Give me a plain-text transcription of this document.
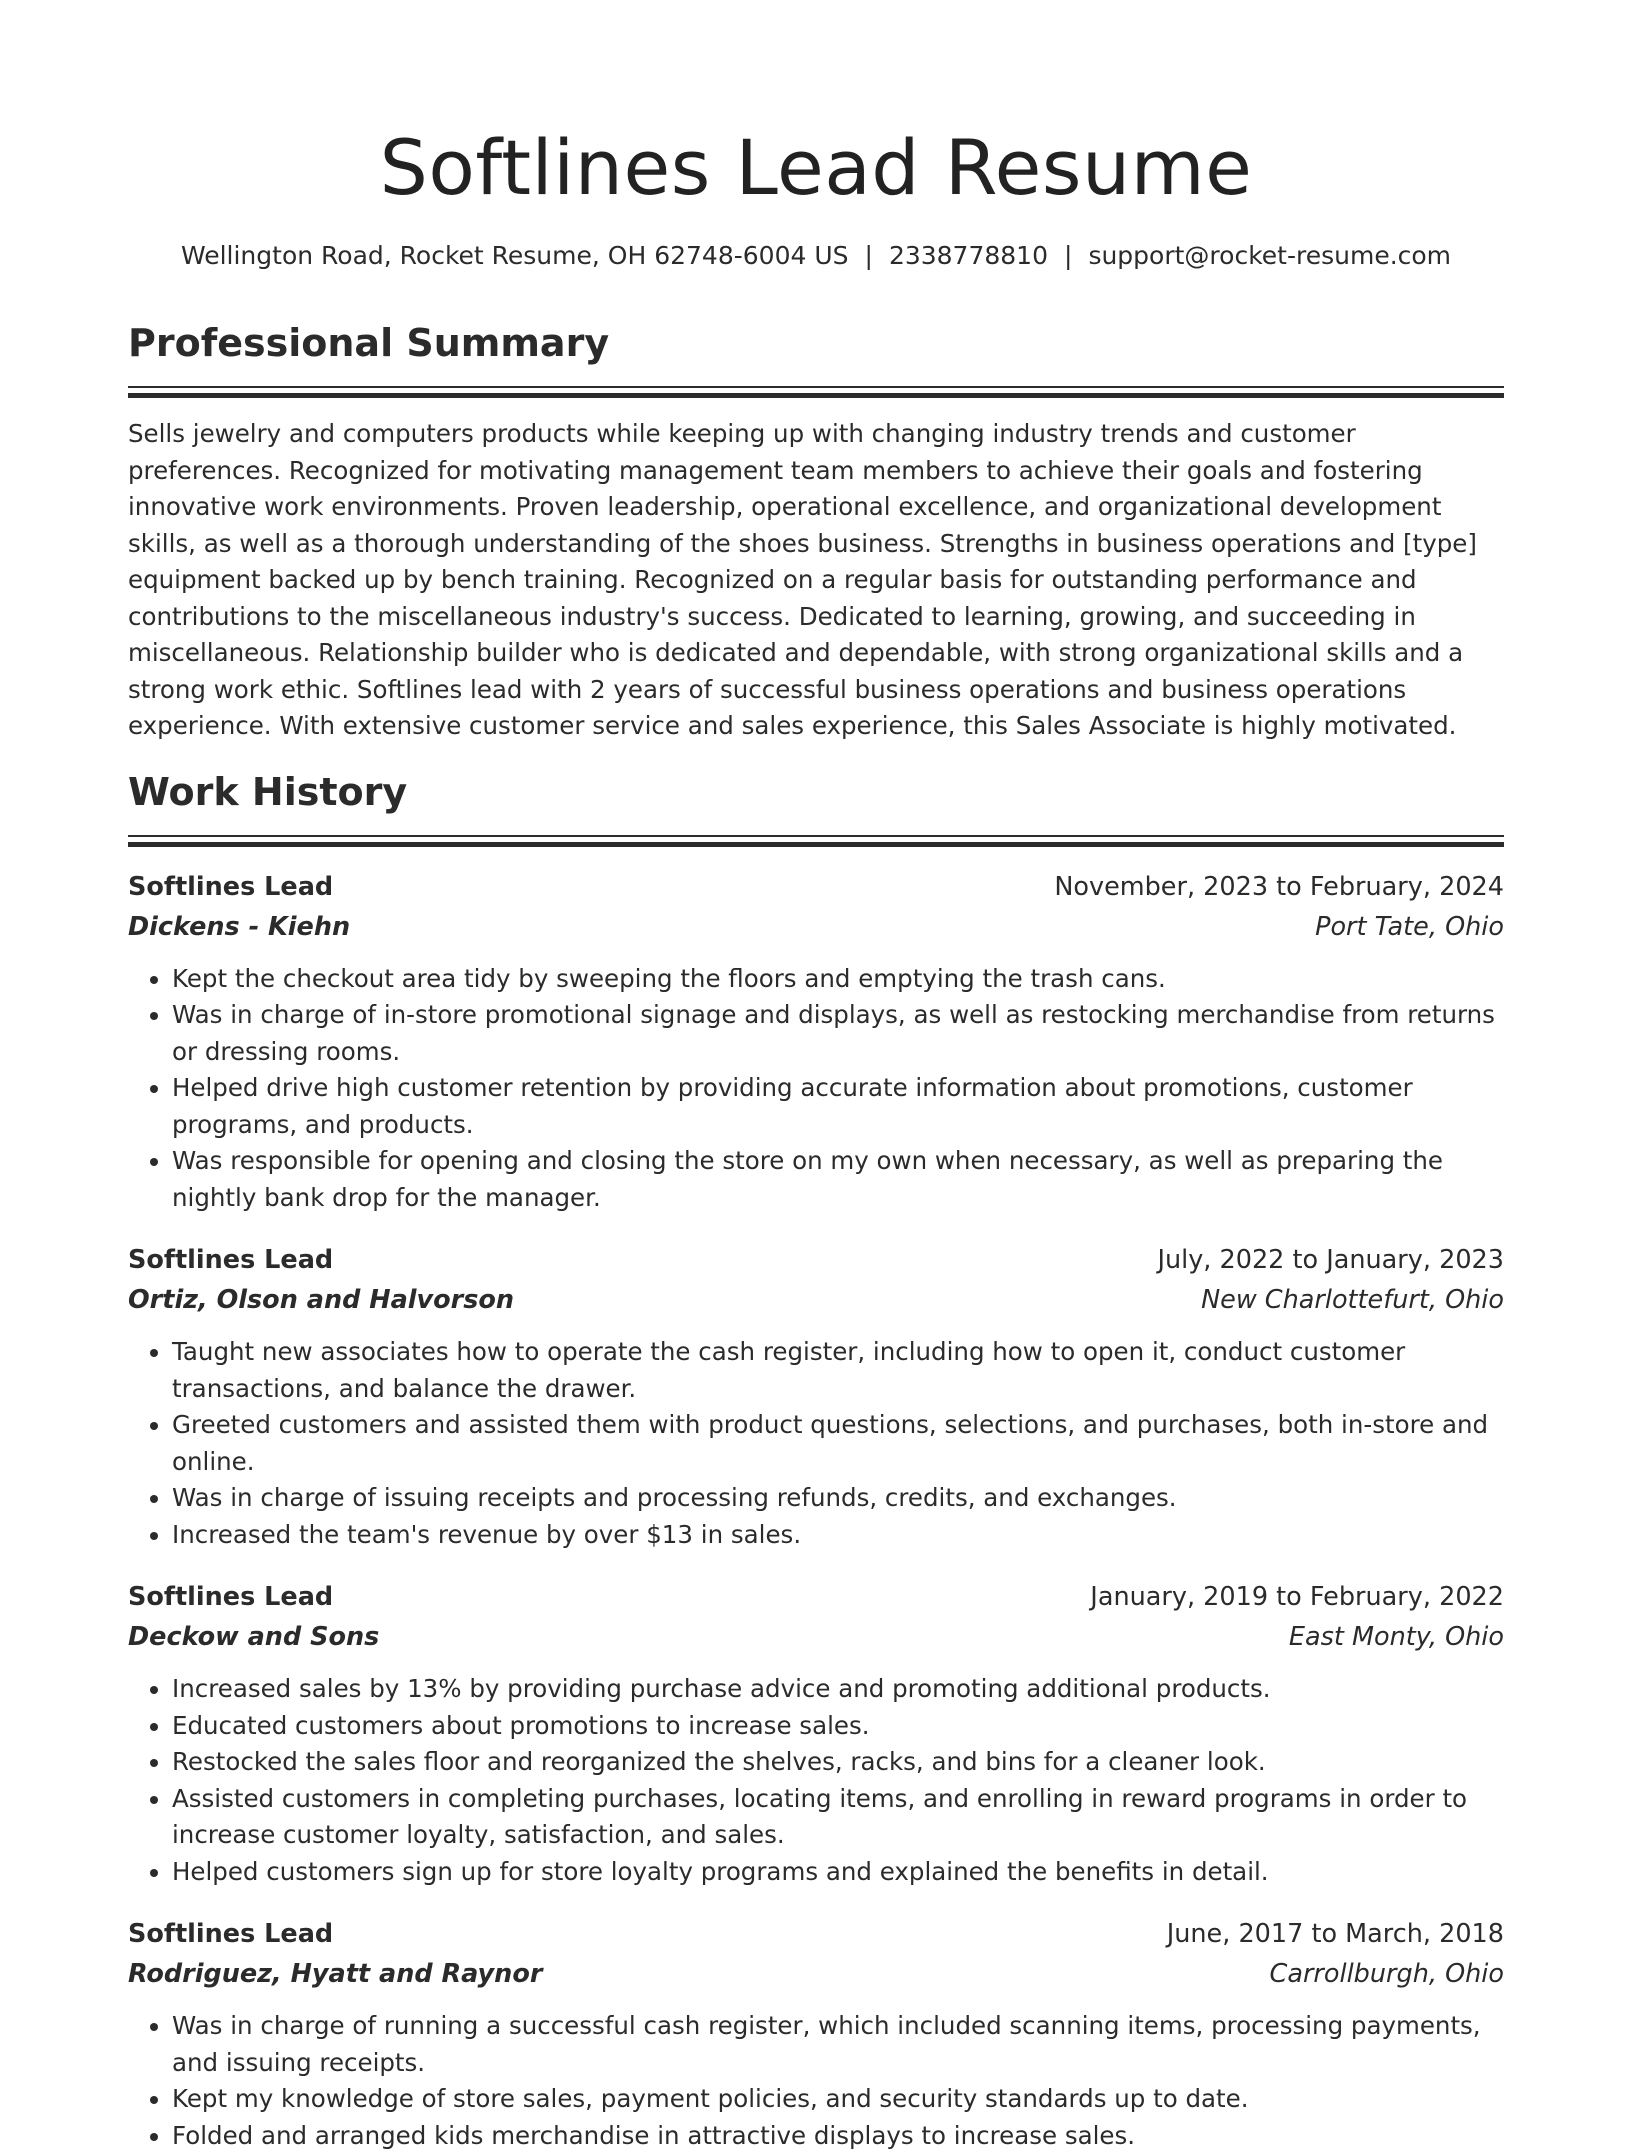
Softlines Lead Resume
Wellington Road, Rocket Resume, OH 62748-6004 US | 2338778810 | support@rocket-resume.com
Professional Summary
Sells jewelry and computers products while keeping up with changing industry trends and customer preferences. Recognized for motivating management team members to achieve their goals and fostering innovative work environments. Proven leadership, operational excellence, and organizational development skills, as well as a thorough understanding of the shoes business. Strengths in business operations and [type] equipment backed up by bench training. Recognized on a regular basis for outstanding performance and contributions to the miscellaneous industry's success. Dedicated to learning, growing, and succeeding in miscellaneous. Relationship builder who is dedicated and dependable, with strong organizational skills and a strong work ethic. Softlines lead with 2 years of successful business operations and business operations experience. With extensive customer service and sales experience, this Sales Associate is highly motivated.
Work History
Softlines Lead	November, 2023 to February, 2024
Dickens - Kiehn	Port Tate, Ohio
• Kept the checkout area tidy by sweeping the floors and emptying the trash cans.
• Was in charge of in-store promotional signage and displays, as well as restocking merchandise from returns or dressing rooms.
• Helped drive high customer retention by providing accurate information about promotions, customer programs, and products.
• Was responsible for opening and closing the store on my own when necessary, as well as preparing the nightly bank drop for the manager.
Softlines Lead	July, 2022 to January, 2023
Ortiz, Olson and Halvorson	New Charlottefurt, Ohio
• Taught new associates how to operate the cash register, including how to open it, conduct customer transactions, and balance the drawer.
• Greeted customers and assisted them with product questions, selections, and purchases, both in-store and online.
• Was in charge of issuing receipts and processing refunds, credits, and exchanges.
• Increased the team's revenue by over $13 in sales.
Softlines Lead	January, 2019 to February, 2022
Deckow and Sons	East Monty, Ohio
• Increased sales by 13% by providing purchase advice and promoting additional products.
• Educated customers about promotions to increase sales.
• Restocked the sales floor and reorganized the shelves, racks, and bins for a cleaner look.
• Assisted customers in completing purchases, locating items, and enrolling in reward programs in order to increase customer loyalty, satisfaction, and sales.
• Helped customers sign up for store loyalty programs and explained the benefits in detail.
Softlines Lead	June, 2017 to March, 2018
Rodriguez, Hyatt and Raynor	Carrollburgh, Ohio
• Was in charge of running a successful cash register, which included scanning items, processing payments, and issuing receipts.
• Kept my knowledge of store sales, payment policies, and security standards up to date.
• Folded and arranged kids merchandise in attractive displays to increase sales.
